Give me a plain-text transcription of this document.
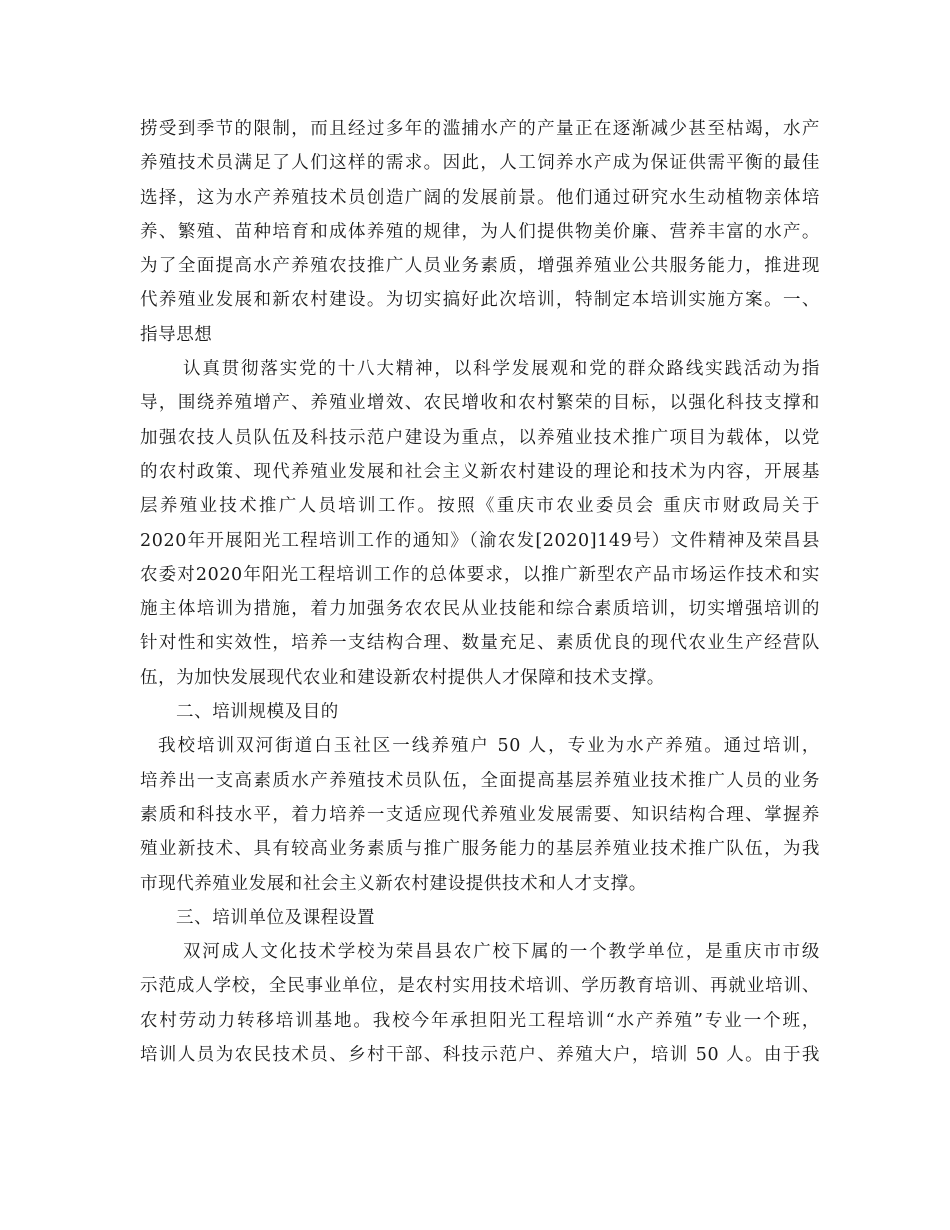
捞受到季节的限制，而且经过多年的滥捕水产的产量正在逐渐减少甚至枯竭，水产
养殖技术员满足了人们这样的需求。因此，人工饲养水产成为保证供需平衡的最佳
选择，这为水产养殖技术员创造广阔的发展前景。他们通过研究水生动植物亲体培
养、繁殖、苗种培育和成体养殖的规律，为人们提供物美价廉、营养丰富的水产。
为了全面提高水产养殖农技推广人员业务素质，增强养殖业公共服务能力，推进现
代养殖业发展和新农村建设。为切实搞好此次培训，特制定本培训实施方案。一、
指导思想
认真贯彻落实党的十八大精神，以科学发展观和党的群众路线实践活动为指
导，围绕养殖增产、养殖业增效、农民增收和农村繁荣的目标，以强化科技支撑和
加强农技人员队伍及科技示范户建设为重点，以养殖业技术推广项目为载体，以党
的农村政策、现代养殖业发展和社会主义新农村建设的理论和技术为内容，开展基
层养殖业技术推广人员培训工作。按照《重庆市农业委员会 重庆市财政局关于
2020年开展阳光工程培训工作的通知》（渝农发[2020]149号）文件精神及荣昌县
农委对2020年阳光工程培训工作的总体要求，以推广新型农产品市场运作技术和实
施主体培训为措施，着力加强务农农民从业技能和综合素质培训，切实增强培训的
针对性和实效性，培养一支结构合理、数量充足、素质优良的现代农业生产经营队
伍，为加快发展现代农业和建设新农村提供人才保障和技术支撑。
二、培训规模及目的
我校培训双河街道白玉社区一线养殖户 50 人，专业为水产养殖。通过培训，
培养出一支高素质水产养殖技术员队伍，全面提高基层养殖业技术推广人员的业务
素质和科技水平，着力培养一支适应现代养殖业发展需要、知识结构合理、掌握养
殖业新技术、具有较高业务素质与推广服务能力的基层养殖业技术推广队伍，为我
市现代养殖业发展和社会主义新农村建设提供技术和人才支撑。
三、培训单位及课程设置
双河成人文化技术学校为荣昌县农广校下属的一个教学单位，是重庆市市级
示范成人学校，全民事业单位，是农村实用技术培训、学历教育培训、再就业培训、
农村劳动力转移培训基地。我校今年承担阳光工程培训“水产养殖”专业一个班，
培训人员为农民技术员、乡村干部、科技示范户、养殖大户，培训 50 人。由于我
